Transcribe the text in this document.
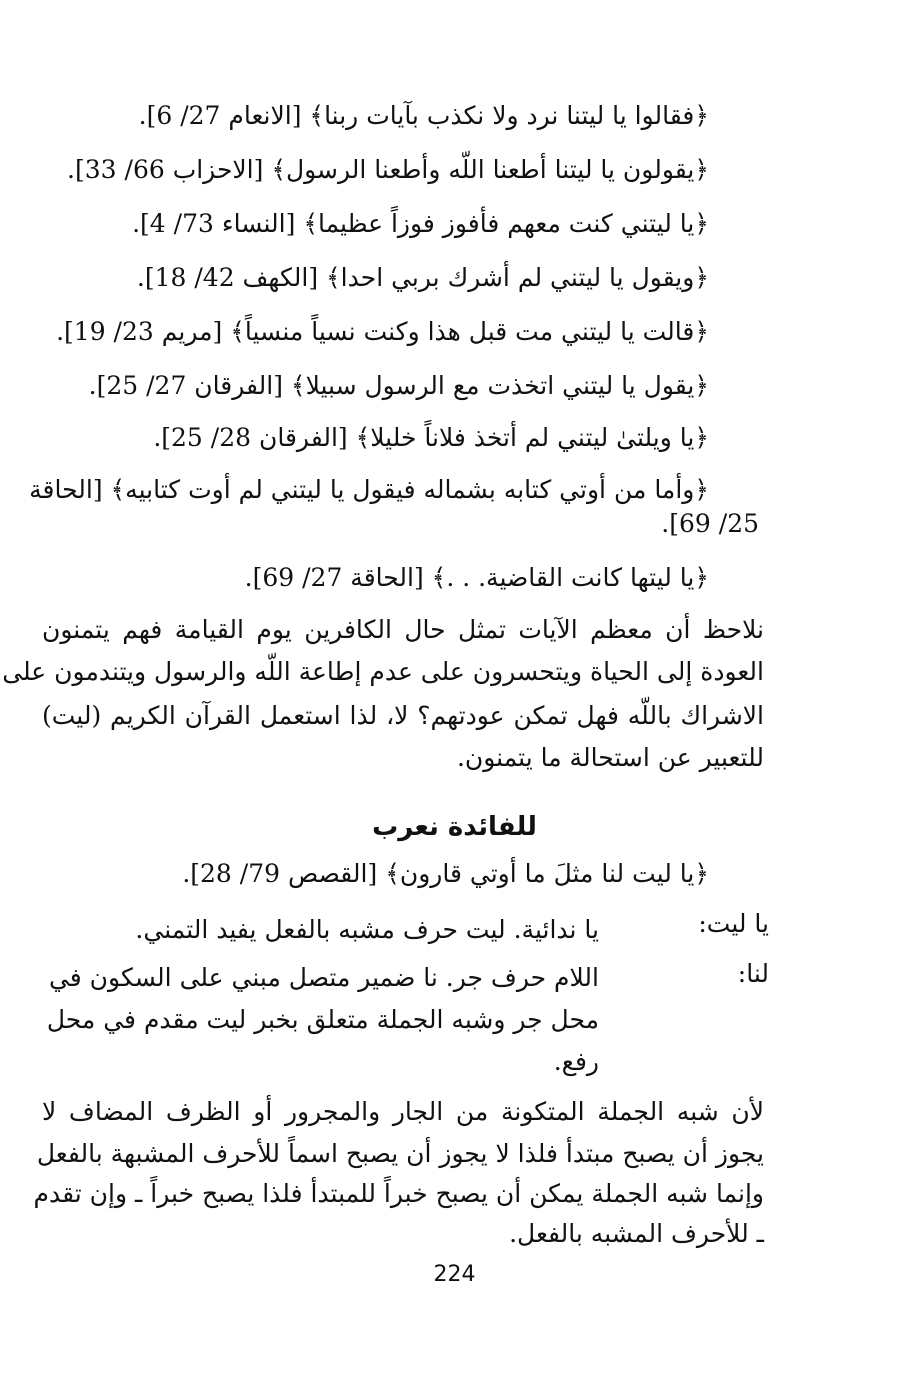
﴿فقالوا يا ليتنا نرد ولا نكذب بآيات ربنا﴾ [الانعام 27/ 6].
﴿يقولون يا ليتنا أطعنا اللّه وأطعنا الرسول﴾ [الاحزاب 66/ 33].
﴿يا ليتني كنت معهم فأفوز فوزاً عظيما﴾ [النساء 73/ 4].
﴿ويقول يا ليتني لم أشرك بربي احدا﴾ [الكهف 42/ 18].
﴿قالت يا ليتني مت قبل هذا وكنت نسياً منسياً﴾ [مريم 23/ 19].
﴿يقول يا ليتني اتخذت مع الرسول سبيلا﴾ [الفرقان 27/ 25].
﴿يا ويلتىٰ ليتني لم أتخذ فلاناً خليلا﴾ [الفرقان 28/ 25].
﴿وأما من أوتي كتابه بشماله فيقول يا ليتني لم أوت كتابيه﴾ [الحاقة
25/ 69].
﴿يا ليتها كانت القاضية. . .﴾ [الحاقة 27/ 69].
نلاحظ أن معظم الآيات تمثل حال الكافرين يوم القيامة فهم يتمنون
العودة إلى الحياة ويتحسرون على عدم إطاعة اللّه والرسول ويتندمون على
الاشراك باللّه فهل تمكن عودتهم؟ لا، لذا استعمل القرآن الكريم (ليت)
للتعبير عن استحالة ما يتمنون.
للفائدة نعرب
﴿يا ليت لنا مثلَ ما أوتي قارون﴾ [القصص 79/ 28].
يا ليت:
يا ندائية. ليت حرف مشبه بالفعل يفيد التمني.
لنا:
اللام حرف جر. نا ضمير متصل مبني على السكون في
محل جر وشبه الجملة متعلق بخبر ليت مقدم في محل
رفع.
لأن شبه الجملة المتكونة من الجار والمجرور أو الظرف المضاف لا
يجوز أن يصبح مبتدأ فلذا لا يجوز أن يصبح اسماً للأحرف المشبهة بالفعل
وإنما شبه الجملة يمكن أن يصبح خبراً للمبتدأ فلذا يصبح خبراً ـ وإن تقدم
ـ للأحرف المشبه بالفعل.
224
